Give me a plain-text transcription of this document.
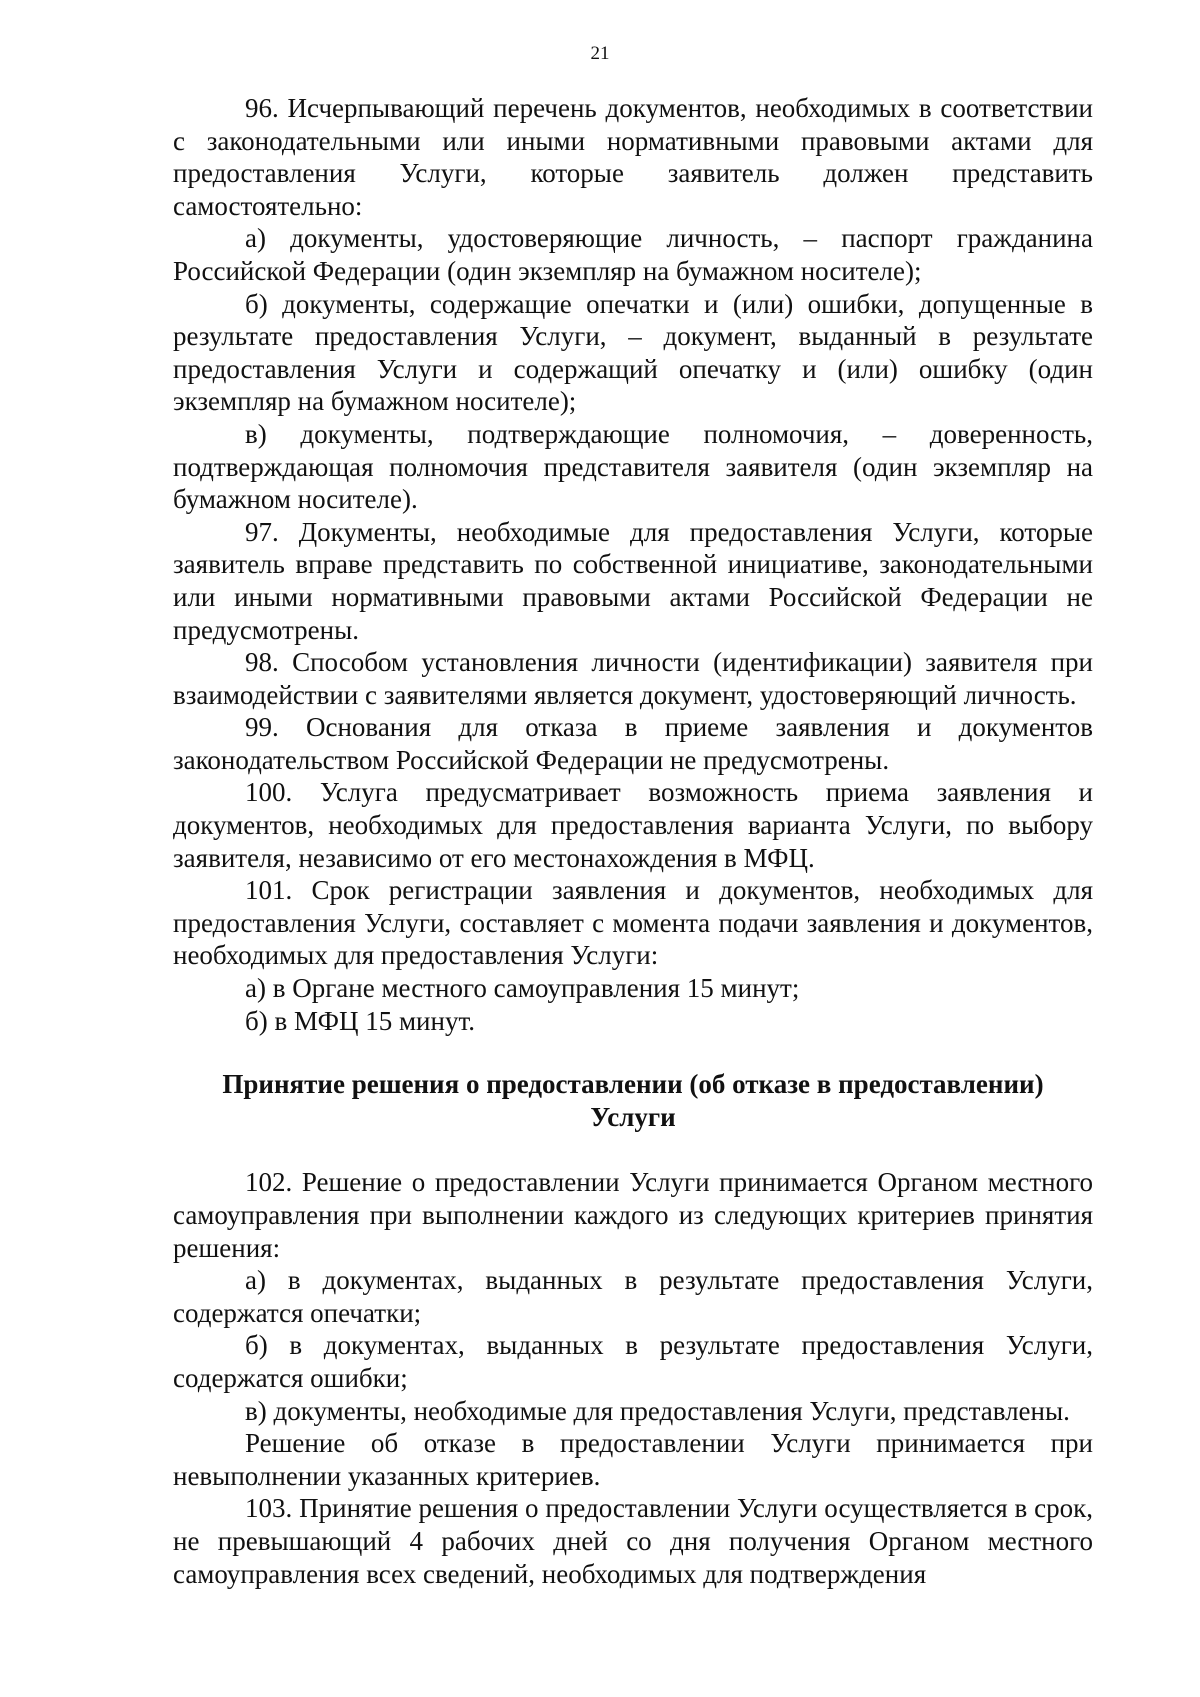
21

96. Исчерпывающий перечень документов, необходимых в соответствии с законодательными или иными нормативными правовыми актами для предоставления Услуги, которые заявитель должен представить самостоятельно:

а) документы, удостоверяющие личность, – паспорт гражданина Российской Федерации (один экземпляр на бумажном носителе);

б) документы, содержащие опечатки и (или) ошибки, допущенные в результате предоставления Услуги, – документ, выданный в результате предоставления Услуги и содержащий опечатку и (или) ошибку (один экземпляр на бумажном носителе);

в) документы, подтверждающие полномочия, – доверенность, подтверждающая полномочия представителя заявителя (один экземпляр на бумажном носителе).

97. Документы, необходимые для предоставления Услуги, которые заявитель вправе представить по собственной инициативе, законодательными или иными нормативными правовыми актами Российской Федерации не предусмотрены.

98. Способом установления личности (идентификации) заявителя при взаимодействии с заявителями является документ, удостоверяющий личность.

99. Основания для отказа в приеме заявления и документов законодательством Российской Федерации не предусмотрены.

100. Услуга предусматривает возможность приема заявления и документов, необходимых для предоставления варианта Услуги, по выбору заявителя, независимо от его местонахождения в МФЦ.

101. Срок регистрации заявления и документов, необходимых для предоставления Услуги, составляет с момента подачи заявления и документов, необходимых для предоставления Услуги:

а) в Органе местного самоуправления 15 минут;

б) в МФЦ 15 минут.

Принятие решения о предоставлении (об отказе в предоставлении)
Услуги

102. Решение о предоставлении Услуги принимается Органом местного самоуправления при выполнении каждого из следующих критериев принятия решения:

а) в документах, выданных в результате предоставления Услуги, содержатся опечатки;

б) в документах, выданных в результате предоставления Услуги, содержатся ошибки;

в) документы, необходимые для предоставления Услуги, представлены.

Решение об отказе в предоставлении Услуги принимается при невыполнении указанных критериев.

103. Принятие решения о предоставлении Услуги осуществляется в срок, не превышающий 4 рабочих дней со дня получения Органом местного самоуправления всех сведений, необходимых для подтверждения
